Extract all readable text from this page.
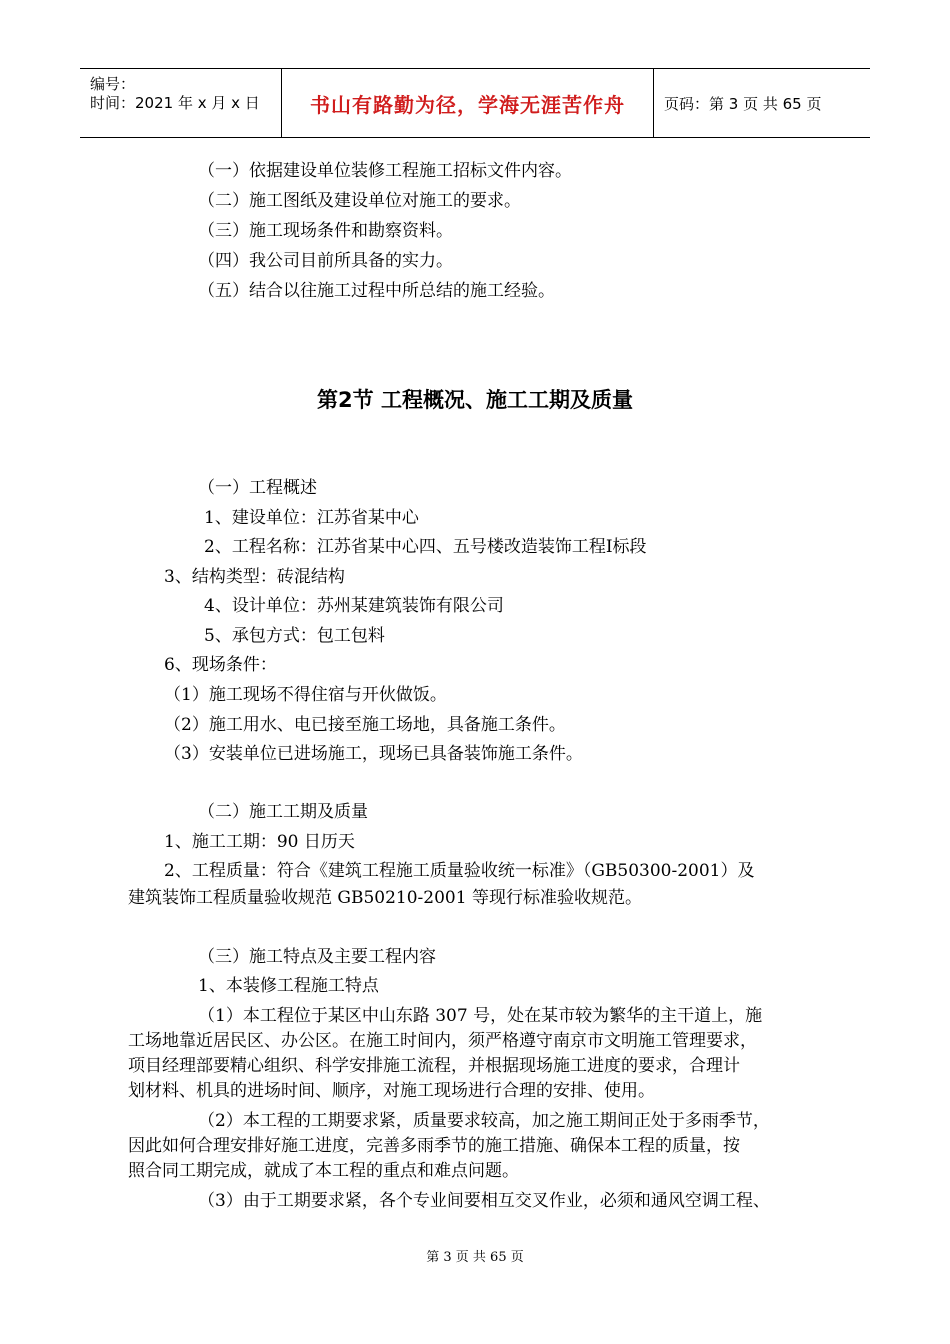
编号：
时间：2021 年 x 月 x 日	书山有路勤为径，学海无涯苦作舟	页码：第 3 页 共 65 页
（一）依据建设单位装修工程施工招标文件内容。
（二）施工图纸及建设单位对施工的要求。
（三）施工现场条件和勘察资料。
（四）我公司目前所具备的实力。
（五）结合以往施工过程中所总结的施工经验。
第2节 工程概况、施工工期及质量
（一）工程概述
1、建设单位：江苏省某中心
2、工程名称：江苏省某中心四、五号楼改造装饰工程Ⅰ标段
3、结构类型：砖混结构
4、设计单位：苏州某建筑装饰有限公司
5、承包方式：包工包料
6、现场条件：
（1）施工现场不得住宿与开伙做饭。
（2）施工用水、电已接至施工场地，具备施工条件。
（3）安装单位已进场施工，现场已具备装饰施工条件。
（二）施工工期及质量
1、施工工期：90 日历天
2、工程质量：符合《建筑工程施工质量验收统一标准》（GB50300-2001）及
建筑装饰工程质量验收规范 GB50210-2001 等现行标准验收规范。
（三）施工特点及主要工程内容
1、本装修工程施工特点
（1）本工程位于某区中山东路 307 号，处在某市较为繁华的主干道上，施
工场地靠近居民区、办公区。在施工时间内，须严格遵守南京市文明施工管理要求，
项目经理部要精心组织、科学安排施工流程，并根据现场施工进度的要求，合理计
划材料、机具的进场时间、顺序，对施工现场进行合理的安排、使用。
（2）本工程的工期要求紧，质量要求较高，加之施工期间正处于多雨季节，
因此如何合理安排好施工进度，完善多雨季节的施工措施、确保本工程的质量，按
照合同工期完成，就成了本工程的重点和难点问题。
（3）由于工期要求紧，各个专业间要相互交叉作业，必须和通风空调工程、
第 3 页 共 65 页
